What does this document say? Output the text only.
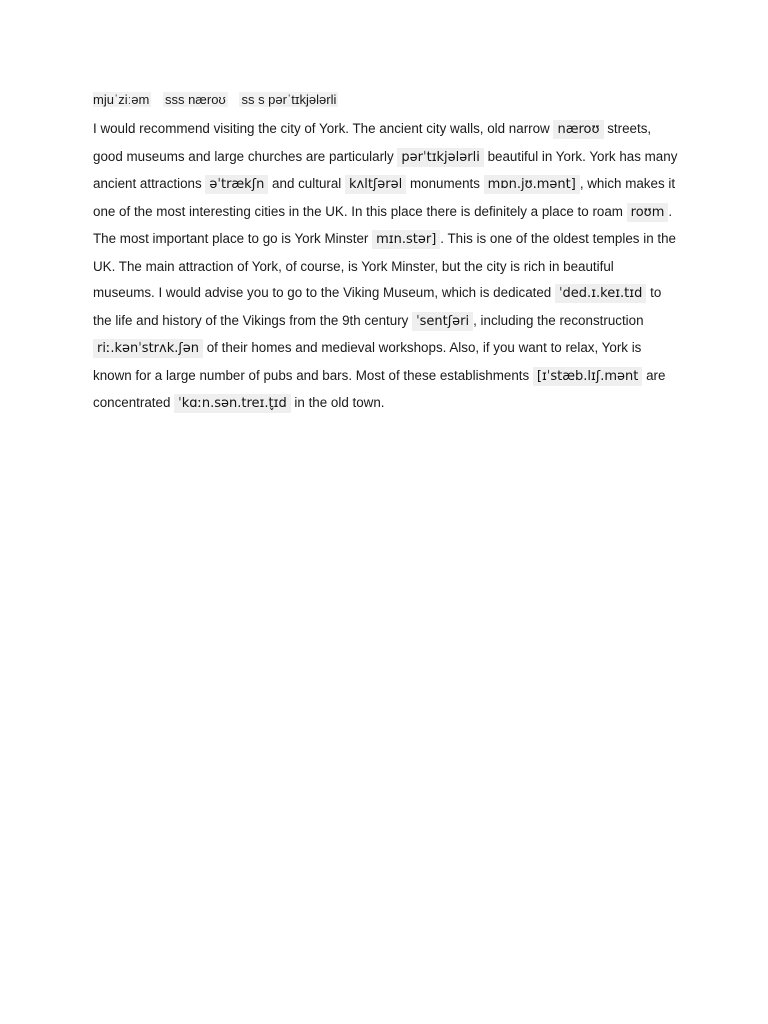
mjuˈziːəm sss næroʊ ss s pərˈtɪkjələrli
I would recommend visiting the city of York. The ancient city walls, old narrow næroʊ streets, good museums and large churches are particularly pərˈtɪkjələrli beautiful in York. York has many ancient attractions əˈtrækʃn and cultural kʌltʃərəl monuments mɒn.jʊ.mənt] , which makes it one of the most interesting cities in the UK. In this place there is definitely a place to roam roʊm . The most important place to go is York Minster mɪn.stər] . This is one of the oldest temples in the UK. The main attraction of York, of course, is York Minster, but the city is rich in beautiful museums. I would advise you to go to the Viking Museum, which is dedicated ˈded.ɪ.keɪ.tɪd to the life and history of the Vikings from the 9th century ˈsentʃəri , including the reconstruction riː.kənˈstrʌk.ʃən of their homes and medieval workshops. Also, if you want to relax, York is known for a large number of pubs and bars. Most of these establishments [ɪˈstæb.lɪʃ.mənt are concentrated ˈkɑːn.sən.treɪ.t̬ɪd in the old town.
